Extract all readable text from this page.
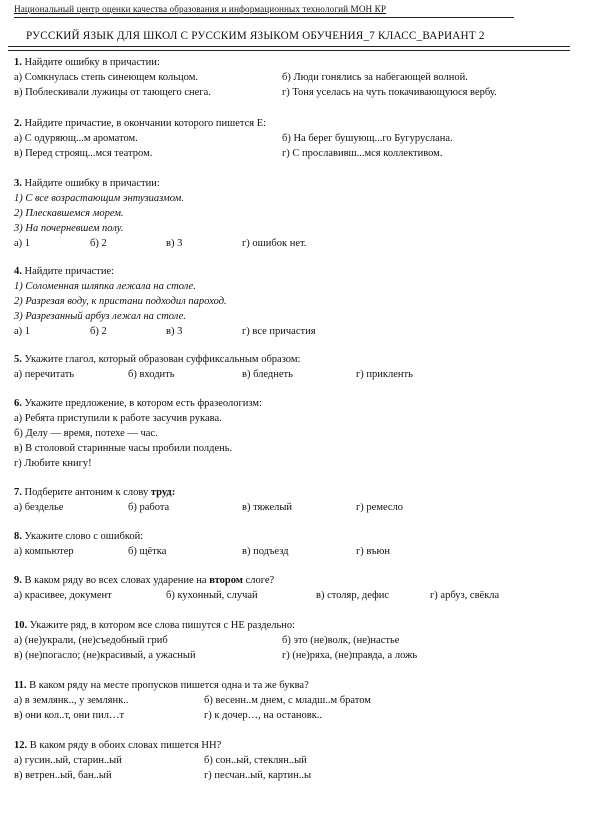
Национальный центр оценки качества образования и информационных технологий МОН КР
РУССКИЙ ЯЗЫК ДЛЯ ШКОЛ С РУССКИМ ЯЗЫКОМ ОБУЧЕНИЯ_7 КЛАСС_ВАРИАНТ 2
1. Найдите ошибку в причастии:
а) Сомкнулась степь синеющем кольцом.	б) Люди гонялись за набегающей волной.
в) Поблескивали лужицы от тающего снега.	г) Тоня уселась на чуть покачивающуюся вербу.
2. Найдите причастие, в окончании которого пишется Е:
а) С одуряющ...м ароматом.	б) На берег бушующ...го Бугуруслана.
в) Перед строящ...мся театром.	г) С прославивш...мся коллективом.
3. Найдите ошибку в причастии:
1) С все возрастающим энтузиазмом.
2) Плескавшемся морем.
3) На почерневшем полу.
а) 1	б) 2	в) 3	г) ошибок нет.
4. Найдите причастие:
1) Соломенная шляпка лежала на столе.
2) Разрезая воду, к пристани подходил пароход.
3) Разрезанный арбуз лежал на столе.
а) 1	б) 2	в) 3	г) все причастия
5. Укажите глагол, который образован суффиксальным образом:
а) перечитать	б) входить	в) бледнеть	г) прикленть
6. Укажите предложение, в котором есть фразеологизм:
а) Ребята приступили к работе засучив рукава.
б) Делу — время, потехе — час.
в) В столовой старинные часы пробили полдень.
г) Любите книгу!
7. Подберите антоним к слову труд:
а) безделье	б) работа	в) тяжелый	г) ремесло
8. Укажите слово с ошибкой:
а) компьютер	б) щётка	в) подъезд	г) въюн
9. В каком ряду во всех словах ударение на втором слоге?
а) красивее, документ	б) кухонный, случай	в) столяр, дефис	г) арбуз, свёкла
10. Укажите ряд, в котором все слова пишутся с НЕ раздельно:
а) (не)украли, (не)съедобный гриб	б) это (не)волк, (не)настье
в) (не)погасло; (не)красивый, а ужасный	г) (не)ряха, (не)правда, а ложь
11. В каком ряду на месте пропусков пишется одна и та же буква?
а) в землянк.., у землянк..	б) весенн..м днем, с младш..м братом
в) они кол..т, они пил…т	г) к дочер…, на остановк..
12. В каком ряду в обоих словах пишется НН?
а) гусин..ый, старин..ый	б) сон..ый, стеклян..ый
в) ветрен..ый, бан..ый	г) песчан..ый, картин..ы
